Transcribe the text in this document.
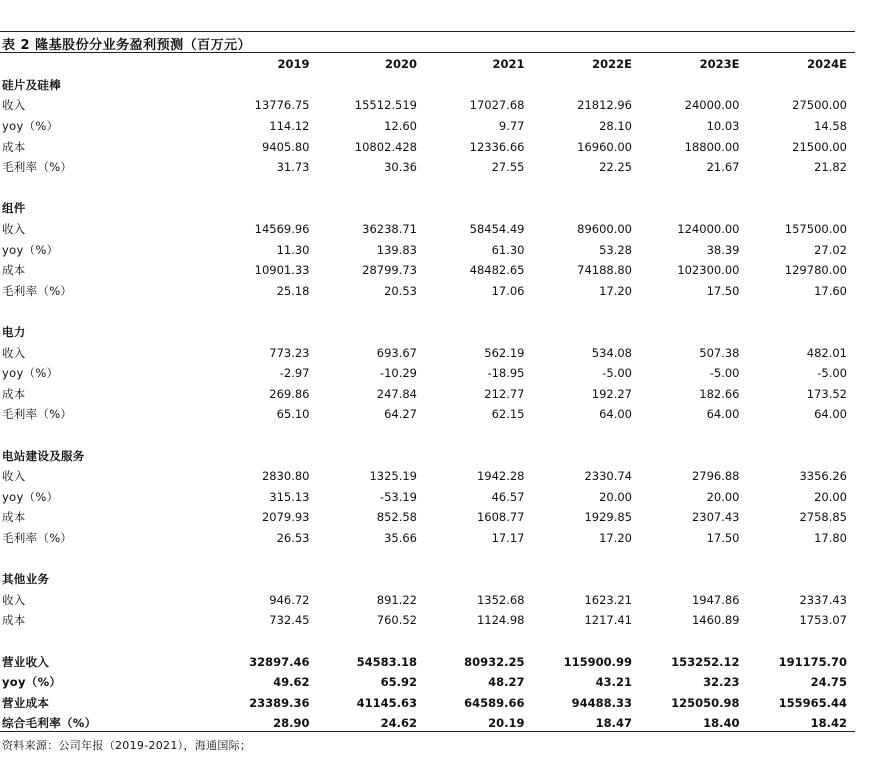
表 2 隆基股份分业务盈利预测（百万元）
	2019	2020	2021	2022E	2023E	2024E
硅片及硅棒						
收入	13776.75	15512.519	17027.68	21812.96	24000.00	27500.00
yoy（%）	114.12	12.60	9.77	28.10	10.03	14.58
成本	9405.80	10802.428	12336.66	16960.00	18800.00	21500.00
毛利率（%）	31.73	30.36	27.55	22.25	21.67	21.82

组件						
收入	14569.96	36238.71	58454.49	89600.00	124000.00	157500.00
yoy（%）	11.30	139.83	61.30	53.28	38.39	27.02
成本	10901.33	28799.73	48482.65	74188.80	102300.00	129780.00
毛利率（%）	25.18	20.53	17.06	17.20	17.50	17.60

电力						
收入	773.23	693.67	562.19	534.08	507.38	482.01
yoy（%）	-2.97	-10.29	-18.95	-5.00	-5.00	-5.00
成本	269.86	247.84	212.77	192.27	182.66	173.52
毛利率（%）	65.10	64.27	62.15	64.00	64.00	64.00

电站建设及服务						
收入	2830.80	1325.19	1942.28	2330.74	2796.88	3356.26
yoy（%）	315.13	-53.19	46.57	20.00	20.00	20.00
成本	2079.93	852.58	1608.77	1929.85	2307.43	2758.85
毛利率（%）	26.53	35.66	17.17	17.20	17.50	17.80

其他业务						
收入	946.72	891.22	1352.68	1623.21	1947.86	2337.43
成本	732.45	760.52	1124.98	1217.41	1460.89	1753.07

营业收入	32897.46	54583.18	80932.25	115900.99	153252.12	191175.70
yoy（%）	49.62	65.92	48.27	43.21	32.23	24.75
营业成本	23389.36	41145.63	64589.66	94488.33	125050.98	155965.44
综合毛利率（%）	28.90	24.62	20.19	18.47	18.40	18.42
资料来源：公司年报（2019-2021），海通国际；
